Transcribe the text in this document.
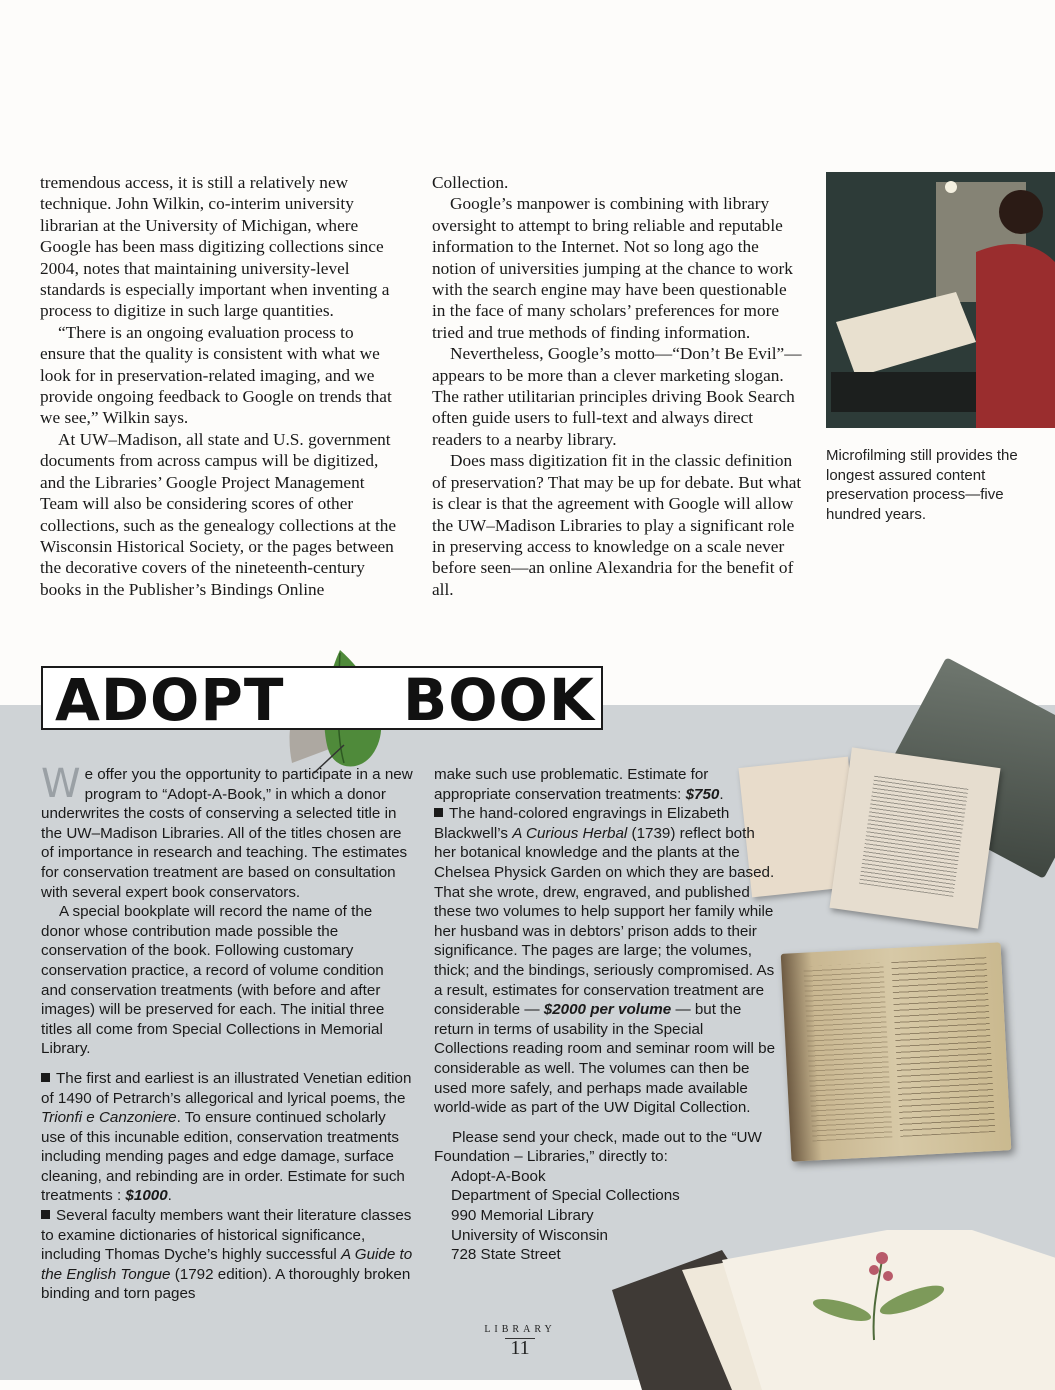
tremendous access, it is still a relatively new technique. John Wilkin, co-interim university librarian at the University of Michigan, where Google has been mass digitizing collections since 2004, notes that maintaining university-level standards is especially important when inventing a process to digitize in such large quantities.

“There is an ongoing evaluation process to ensure that the quality is consistent with what we look for in preservation-related imaging, and we provide ongoing feedback to Google on trends that we see,” Wilkin says.

At UW–Madison, all state and U.S. government documents from across campus will be digitized, and the Libraries’ Google Project Management Team will also be considering scores of other collections, such as the genealogy collections at the Wisconsin Historical Society, or the pages between the decorative covers of the nineteenth-century books in the Publisher’s Bindings Online

Collection.

Google’s manpower is combining with library oversight to attempt to bring reliable and reputable information to the Internet. Not so long ago the notion of universities jumping at the chance to work with the search engine may have been questionable in the face of many scholars’ preferences for more tried and true methods of finding information.

Nevertheless, Google’s motto—“Don’t Be Evil”—appears to be more than a clever marketing slogan. The rather utilitarian principles driving Book Search often guide users to full-text and always direct readers to a nearby library.

Does mass digitization fit in the classic definition of preservation? That may be up for debate. But what is clear is that the agreement with Google will allow the UW–Madison Libraries to play a significant role in preserving access to knowledge on a scale never before seen—an online Alexandria for the benefit of all.

Microfilming still provides the longest assured content preservation process—five hundred years.
ADOPT A BOOK

We offer you the opportunity to participate in a new program to “Adopt-A-Book,” in which a donor underwrites the costs of conserving a selected title in the UW–Madison Libraries. All of the titles chosen are of importance in research and teaching. The estimates for conservation treatment are based on consultation with several expert book conservators.

A special bookplate will record the name of the donor whose contribution made possible the conservation of the book. Following customary conservation practice, a record of volume condition and conservation treatments (with before and after images) will be preserved for each. The initial three titles all come from Special Collections in Memorial Library.

The first and earliest is an illustrated Venetian edition of 1490 of Petrarch’s allegorical and lyrical poems, the Trionfi e Canzoniere. To ensure continued scholarly use of this incunable edition, conservation treatments including mending pages and edge damage, surface cleaning, and rebinding are in order. Estimate for such treatments : $1000.

Several faculty members want their literature classes to examine dictionaries of historical significance, including Thomas Dyche’s highly successful A Guide to the English Tongue (1792 edition). A thoroughly broken binding and torn pages

make such use problematic. Estimate for appropriate conservation treatments: $750.

The hand-colored engravings in Elizabeth Blackwell’s A Curious Herbal (1739) reflect both her botanical knowledge and the plants at the Chelsea Physick Garden on which they are based. That she wrote, drew, engraved, and published these two volumes to help support her family while her husband was in debtors’ prison adds to their significance. The pages are large; the volumes, thick; and the bindings, seriously compromised. As a result, estimates for conservation treatment are considerable — $2000 per volume — but the return in terms of usability in the Special Collections reading room and seminar room will be considerable as well. The volumes can then be used more safely, and perhaps made available world-wide as part of the UW Digital Collection.

Please send your check, made out to the “UW Foundation – Libraries,” directly to:

Adopt-A-Book

Department of Special Collections

990 Memorial Library

University of Wisconsin

728 State Street

LIBRARY
11
